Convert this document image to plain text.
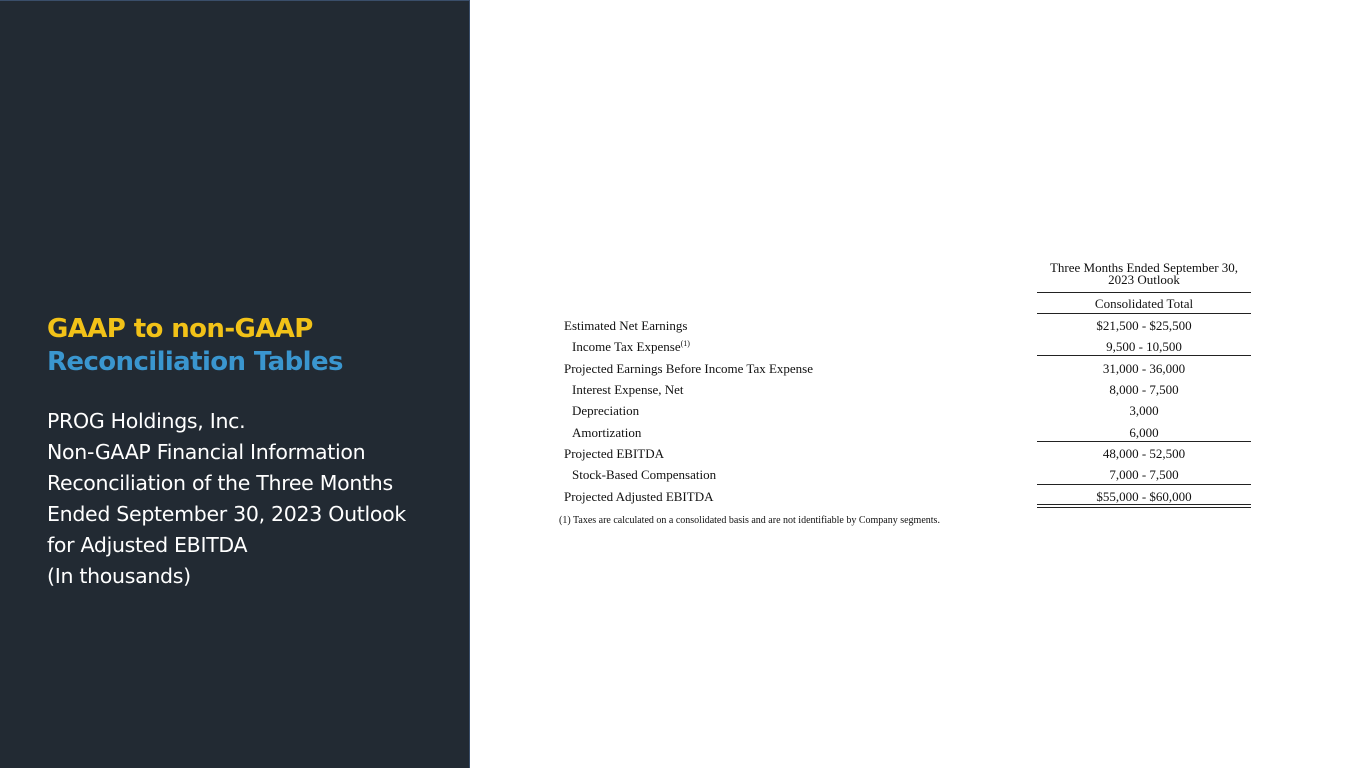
GAAP to non-GAAP
Reconciliation Tables
PROG Holdings, Inc.
Non-GAAP Financial Information
Reconciliation of the Three Months
Ended September 30, 2023 Outlook
for Adjusted EBITDA
(In thousands)
Three Months Ended September 30,
2023 Outlook
Consolidated Total
Estimated Net Earnings	$21,500 - $25,500
Income Tax Expense$^{(1)}$	9,500 - 10,500
Projected Earnings Before Income Tax Expense	31,000 - 36,000
Interest Expense, Net	8,000 - 7,500
Depreciation	3,000
Amortization	6,000
Projected EBITDA	48,000 - 52,500
Stock-Based Compensation	7,000 - 7,500
Projected Adjusted EBITDA	$55,000 - $60,000
(1) Taxes are calculated on a consolidated basis and are not identifiable by Company segments.
